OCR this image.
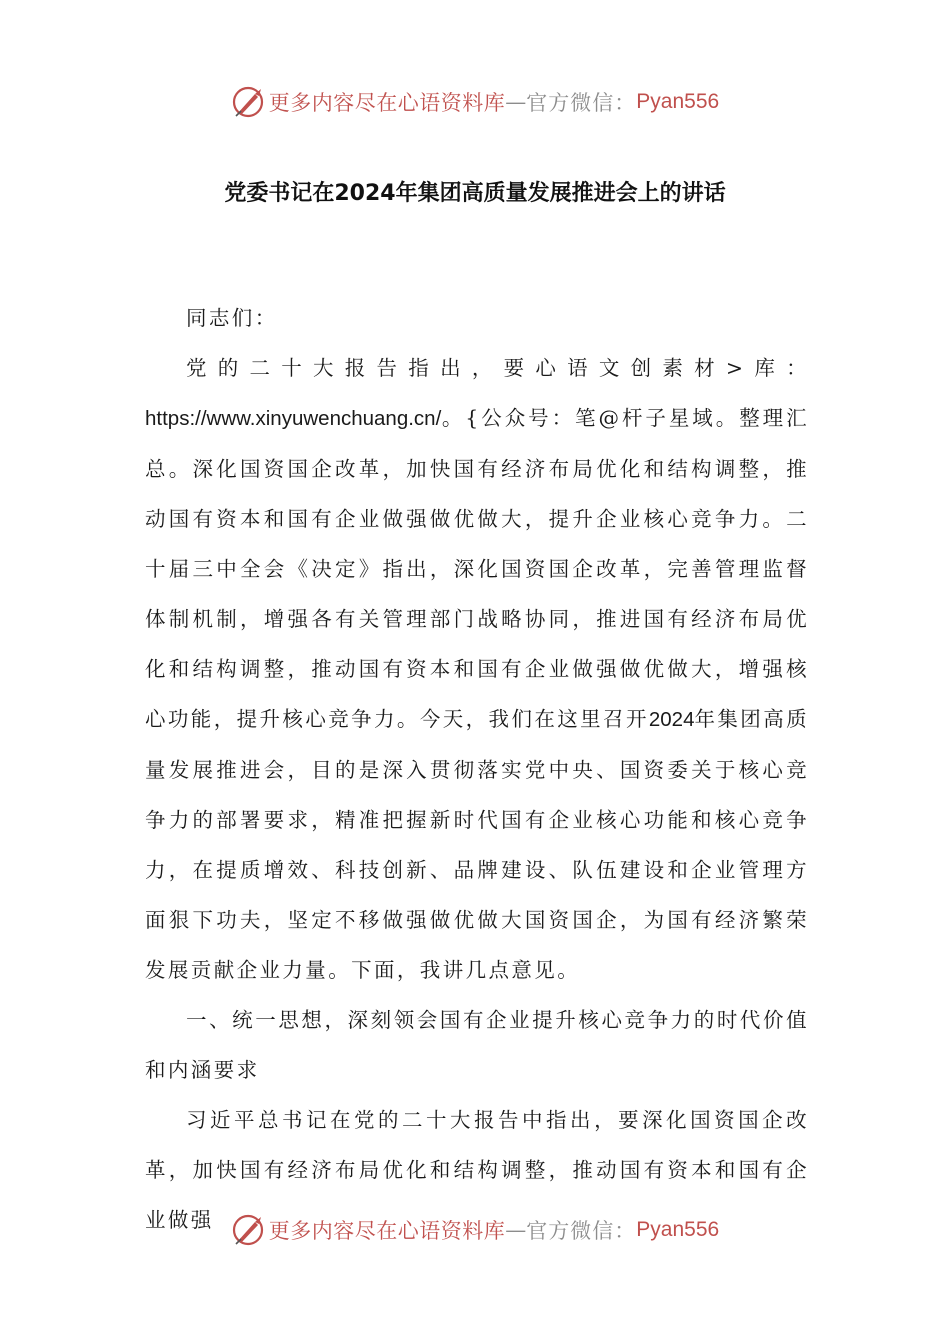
更多内容尽在心语资料库 — 官方微信： Pyan556
党委书记在2024年集团高质量发展推进会上的讲话

同志们：

党的二十大报告指出，要心语文创素材>库：https://www.xinyuwenchuang.cn/。{公众号：笔@杆子星域。整理汇总。深化国资国企改革，加快国有经济布局优化和结构调整，推动国有资本和国有企业做强做优做大，提升企业核心竞争力。二十届三中全会《决定》指出，深化国资国企改革，完善管理监督体制机制，增强各有关管理部门战略协同，推进国有经济布局优化和结构调整，推动国有资本和国有企业做强做优做大，增强核心功能，提升核心竞争力。今天，我们在这里召开2024年集团高质量发展推进会，目的是深入贯彻落实党中央、国资委关于核心竞争力的部署要求，精准把握新时代国有企业核心功能和核心竞争力，在提质增效、科技创新、品牌建设、队伍建设和企业管理方面狠下功夫，坚定不移做强做优做大国资国企，为国有经济繁荣发展贡献企业力量。下面，我讲几点意见。

一、统一思想，深刻领会国有企业提升核心竞争力的时代价值和内涵要求

习近平总书记在党的二十大报告中指出，要深化国资国企改革，加快国有经济布局优化和结构调整，推动国有资本和国有企业做强	更多内容尽在心语资料库 — 官方微信： Pyan556
